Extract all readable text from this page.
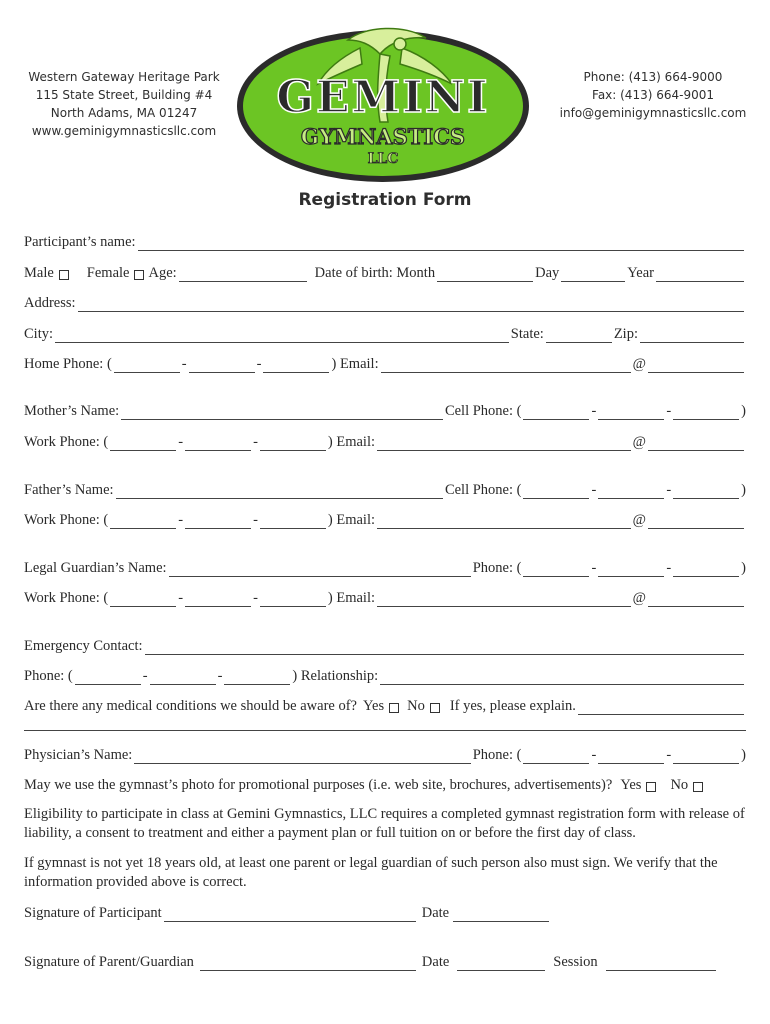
Western Gateway Heritage Park
115 State Street, Building #4
North Adams, MA 01247
www.geminigymnasticsllc.com
GEMINI
GYMNASTICS
LLC
Phone: (413) 664-9000
Fax: (413) 664-9001
info@geminigymnasticsllc.com
Registration Form
Participant’s name:
Male Female Age:	Date of birth: Month	Day	Year
Address:
City:	State:	Zip:
Home Phone: (	-	-	) Email:	@
Mother’s Name:	Cell Phone: (	-	-	)
Work Phone: (	-	-	) Email:	@
Father’s Name:	Cell Phone: (	-	-	)
Work Phone: (	-	-	) Email:	@
Legal Guardian’s Name:	Phone: (	-	-	)
Work Phone: (	-	-	) Email:	@
Emergency Contact:
Phone: (	-	-	) Relationship:
Are there any medical conditions we should be aware of? Yes No If yes, please explain.
Physician’s Name:	Phone: (	-	-	)
May we use the gymnast’s photo for promotional purposes (i.e. web site, brochures, advertisements)? Yes No
Eligibility to participate in class at Gemini Gymnastics, LLC requires a completed gymnast registration form with release of liability, a consent to treatment and either a payment plan or full tuition on or before the first day of class.
If gymnast is not yet 18 years old, at least one parent or legal guardian of such person also must sign. We verify that the information provided above is correct.
Signature of Participant	Date
Signature of Parent/Guardian	Date	Session
